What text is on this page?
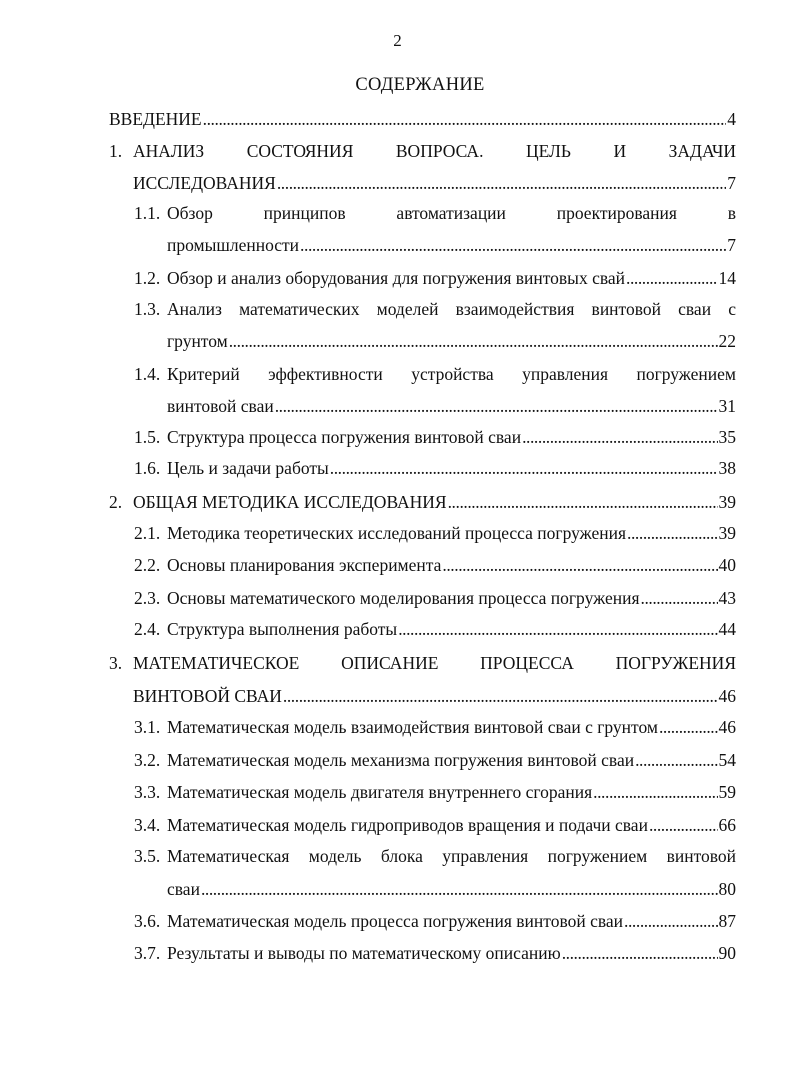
2
СОДЕРЖАНИЕ
ВВЕДЕНИЕ . . .	4
1. АНАЛИЗ СОСТОЯНИЯ ВОПРОСА. ЦЕЛЬ И ЗАДАЧИ
ИССЛЕДОВАНИЯ . . .	7
1.1. Обзор принципов автоматизации проектирования в
промышленности . . .	7
1.2. Обзор и анализ оборудования для погружения винтовых свай . . .	14
1.3. Анализ математических моделей взаимодействия винтовой сваи с
грунтом . . .	22
1.4. Критерий эффективности устройства управления погружением
винтовой сваи . . .	31
1.5. Структура процесса погружения винтовой сваи . . .	35
1.6. Цель и задачи работы . . .	38
2. ОБЩАЯ МЕТОДИКА ИССЛЕДОВАНИЯ . . .	39
2.1. Методика теоретических исследований процесса погружения . . .	39
2.2. Основы планирования эксперимента . . .	40
2.3. Основы математического моделирования процесса погружения . . .	43
2.4. Структура выполнения работы . . .	44
3. МАТЕМАТИЧЕСКОЕ ОПИСАНИЕ ПРОЦЕССА ПОГРУЖЕНИЯ
ВИНТОВОЙ СВАИ . . .	46
3.1. Математическая модель взаимодействия винтовой сваи с грунтом . . .	46
3.2. Математическая модель механизма погружения винтовой сваи . . .	54
3.3. Математическая модель двигателя внутреннего сгорания . . .	59
3.4. Математическая модель гидроприводов вращения и подачи сваи . . .	66
3.5. Математическая модель блока управления погружением винтовой
сваи . . .	80
3.6. Математическая модель процесса погружения винтовой сваи . . .	87
3.7. Результаты и выводы по математическому описанию . . .	90
